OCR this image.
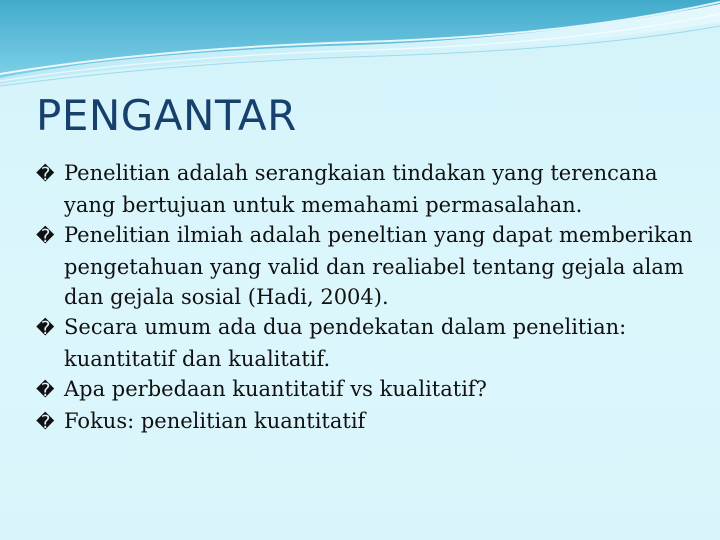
PENGANTAR
� Penelitian adalah serangkaian tindakan yang terencana yang bertujuan untuk memahami permasalahan.
� Penelitian ilmiah adalah peneltian yang dapat memberikan pengetahuan yang valid dan realiabel tentang gejala alam dan gejala sosial (Hadi, 2004).
� Secara umum ada dua pendekatan dalam penelitian: kuantitatif dan kualitatif.
� Apa perbedaan kuantitatif vs kualitatif?
� Fokus: penelitian kuantitatif
